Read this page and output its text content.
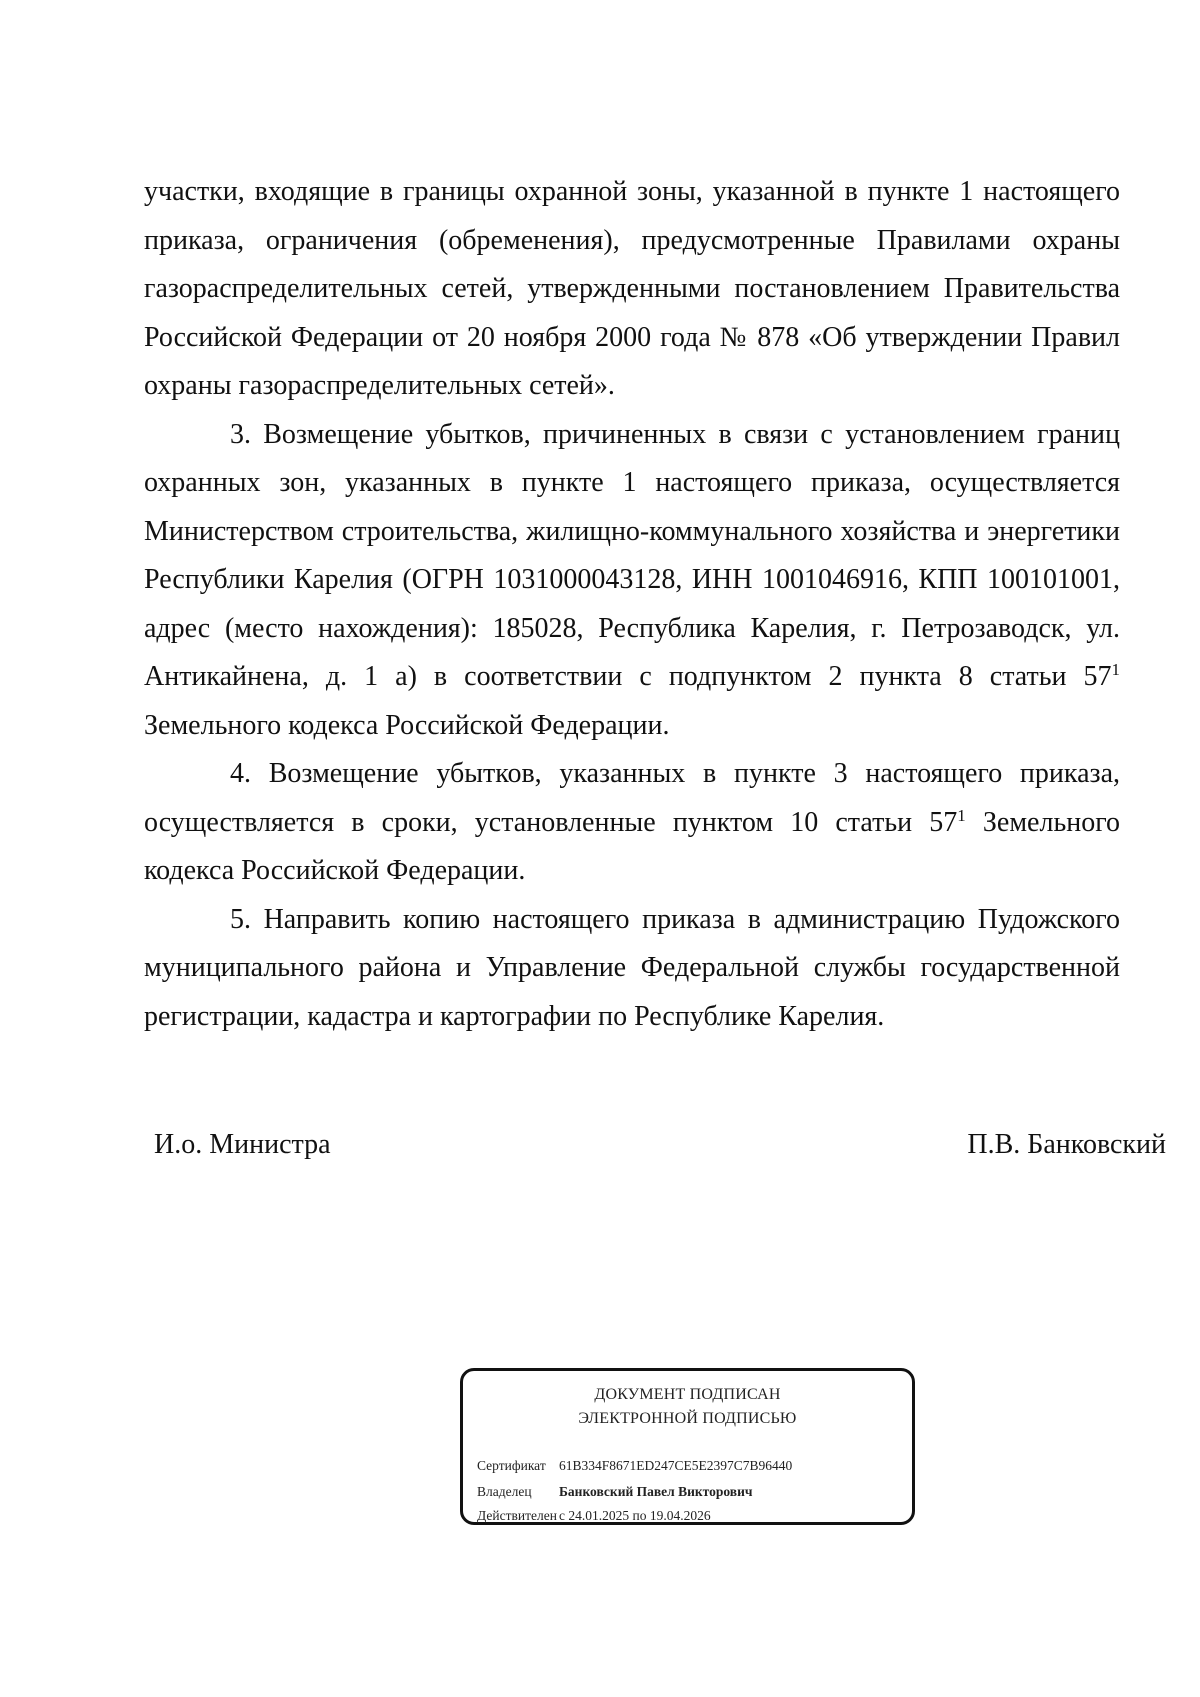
участки, входящие в границы охранной зоны, указанной в пункте 1 настоящего приказа, ограничения (обременения), предусмотренные Правилами охраны газораспределительных сетей, утвержденными постановлением Правительства Российской Федерации от 20 ноября 2000 года № 878 «Об утверждении Правил охраны газораспределительных сетей».

3. Возмещение убытков, причиненных в связи с установлением границ охранных зон, указанных в пункте 1 настоящего приказа, осуществляется Министерством строительства, жилищно-коммунального хозяйства и энергетики Республики Карелия (ОГРН 1031000043128, ИНН 1001046916, КПП 100101001, адрес (место нахождения): 185028, Республика Карелия, г. Петрозаводск, ул. Антикайнена, д. 1 а) в соответствии с подпунктом 2 пункта 8 статьи $57^1$ Земельного кодекса Российской Федерации.

4. Возмещение убытков, указанных в пункте 3 настоящего приказа, осуществляется в сроки, установленные пунктом 10 статьи $57^1$ Земельного кодекса Российской Федерации.

5. Направить копию настоящего приказа в администрацию Пудожского муниципального района и Управление Федеральной службы государственной регистрации, кадастра и картографии по Республике Карелия.

И.о. Министра	П.В. Банковский
ДОКУМЕНТ ПОДПИСАН
ЭЛЕКТРОННОЙ ПОДПИСЬЮ
Сертификат 61B334F8671ED247CE5E2397C7B96440
Владелец Банковский Павел Викторович
Действителен с 24.01.2025 по 19.04.2026
